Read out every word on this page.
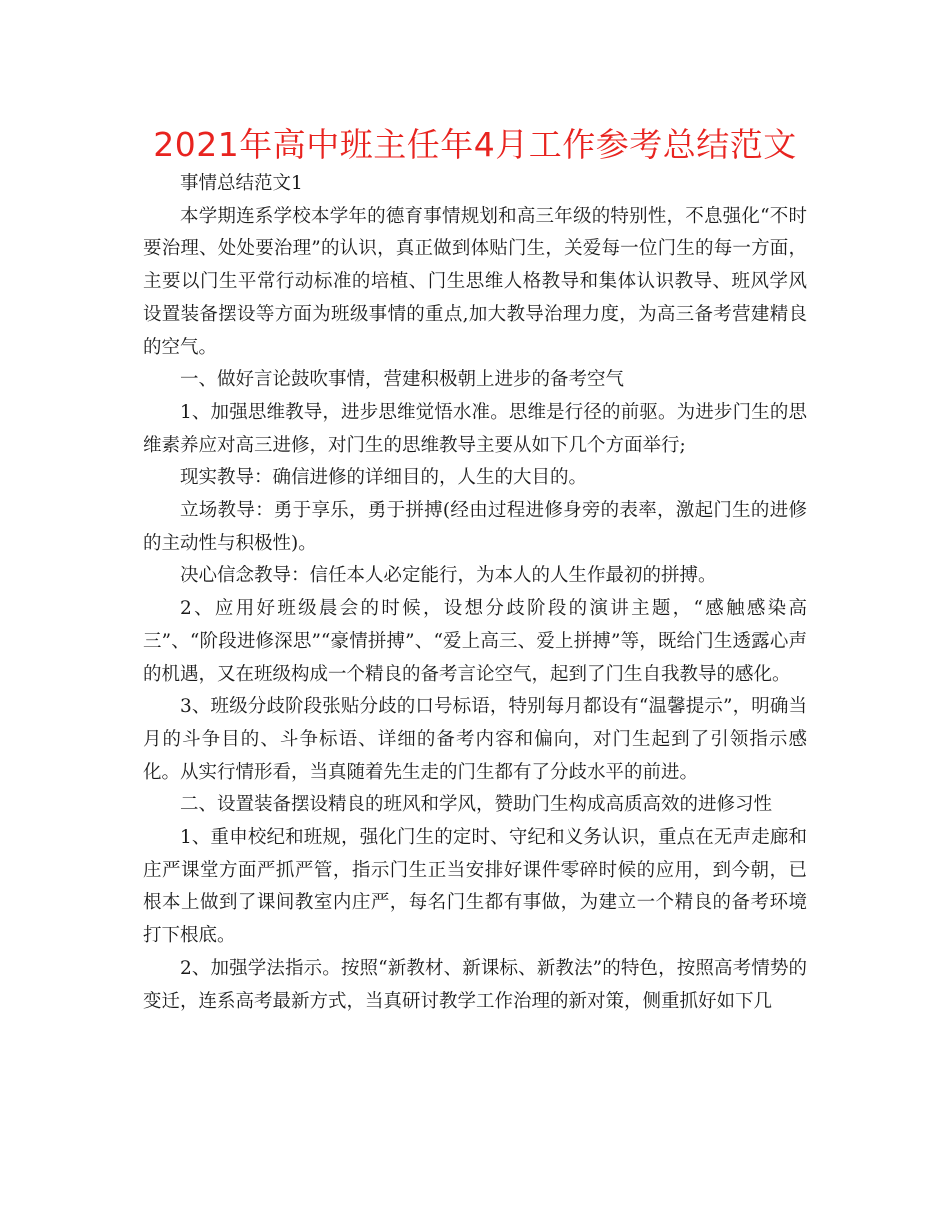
2021年高中班主任年4月工作参考总结范文

事情总结范文1

本学期连系学校本学年的德育事情规划和高三年级的特别性，不息强化“不时要治理、处处要治理”的认识，真正做到体贴门生，关爱每一位门生的每一方面，主要以门生平常行动标准的培植、门生思维人格教导和集体认识教导、班风学风设置装备摆设等方面为班级事情的重点,加大教导治理力度，为高三备考营建精良的空气。

一、做好言论鼓吹事情，营建积极朝上进步的备考空气

1、加强思维教导，进步思维觉悟水准。思维是行径的前驱。为进步门生的思维素养应对高三进修，对门生的思维教导主要从如下几个方面举行;

现实教导：确信进修的详细目的，人生的大目的。

立场教导：勇于享乐，勇于拼搏(经由过程进修身旁的表率，激起门生的进修的主动性与积极性)。

决心信念教导：信任本人必定能行，为本人的人生作最初的拼搏。

2、应用好班级晨会的时候，设想分歧阶段的演讲主题，“感触感染高三”、“阶段进修深思”“豪情拼搏”、“爱上高三、爱上拼搏”等，既给门生透露心声的机遇，又在班级构成一个精良的备考言论空气，起到了门生自我教导的感化。

3、班级分歧阶段张贴分歧的口号标语，特别每月都设有“温馨提示”，明确当月的斗争目的、斗争标语、详细的备考内容和偏向，对门生起到了引领指示感化。从实行情形看，当真随着先生走的门生都有了分歧水平的前进。

二、设置装备摆设精良的班风和学风，赞助门生构成高质高效的进修习性

1、重申校纪和班规，强化门生的定时、守纪和义务认识，重点在无声走廊和庄严课堂方面严抓严管，指示门生正当安排好课件零碎时候的应用，到今朝，已根本上做到了课间教室内庄严，每名门生都有事做，为建立一个精良的备考环境打下根底。

2、加强学法指示。按照“新教材、新课标、新教法”的特色，按照高考情势的变迁，连系高考最新方式，当真研讨教学工作治理的新对策，侧重抓好如下几
